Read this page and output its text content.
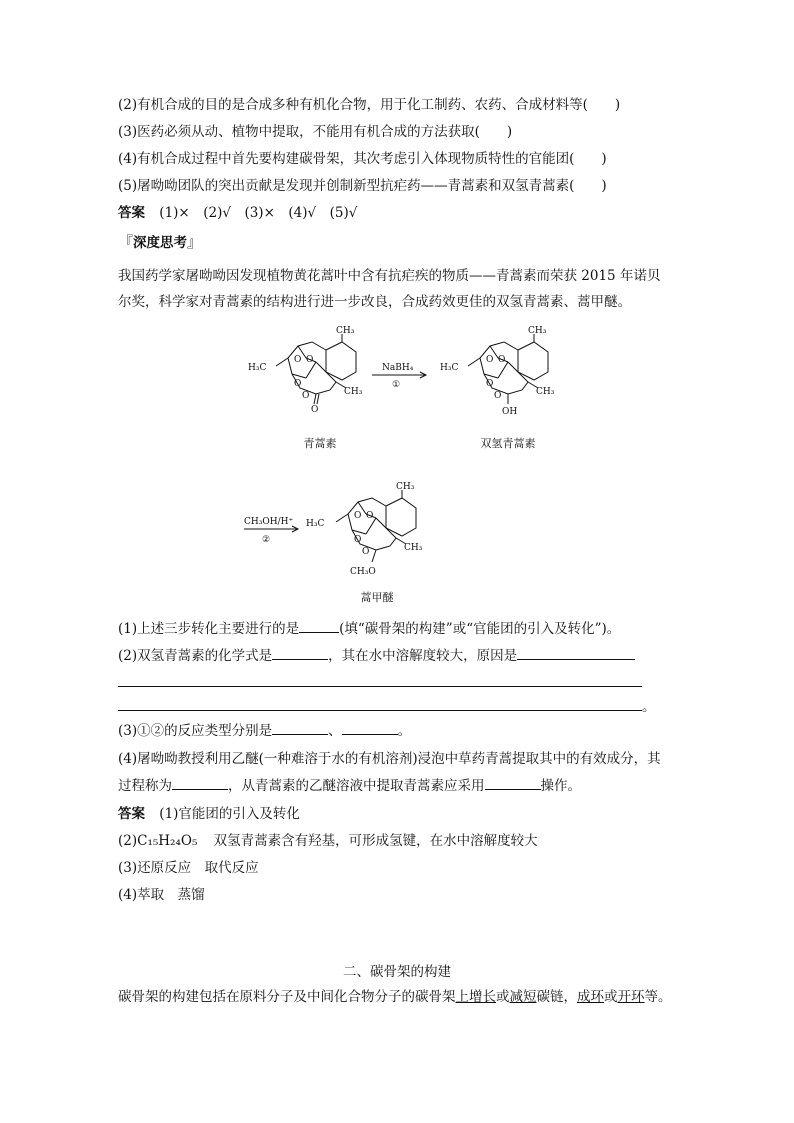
(2)有机合成的目的是合成多种有机化合物，用于化工制药、农药、合成材料等(　　)
(3)医药必须从动、植物中提取，不能用有机合成的方法获取(　　)
(4)有机合成过程中首先要构建碳骨架，其次考虑引入体现物质特性的官能团(　　)
(5)屠呦呦团队的突出贡献是发现并创制新型抗疟药——青蒿素和双氢青蒿素(　　)
答案 (1)×　(2)√　(3)×　(4)√　(5)√
『深度思考』
我国药学家屠呦呦因发现植物黄花蒿叶中含有抗疟疾的物质——青蒿素而荣获 2015 年诺贝
尔奖，科学家对青蒿素的结构进行进一步改良，合成药效更佳的双氢青蒿素、蒿甲醚。
CH₃
H₃C
O O
O
O
O
CH₃
青蒿素
NaBH₄
①
CH₃
H₃C
O O
O
O
OH
CH₃
双氢青蒿素
CH₃OH/H⁺
②
CH₃
H₃C
O O
O
O
CH₃O
CH₃
蒿甲醚
(1)上述三步转化主要进行的是	(填“碳骨架的构建”或“官能团的引入及转化”)。
(2)双氢青蒿素的化学式是	，其在水中溶解度较大，原因是
。
(3)①②的反应类型分别是	、	。
(4)屠呦呦教授利用乙醚(一种难溶于水的有机溶剂)浸泡中草药青蒿提取其中的有效成分，其
过程称为	，从青蒿素的乙醚溶液中提取青蒿素应采用	操作。
答案 (1)官能团的引入及转化
(2)C₁₅H₂₄O₅ 双氢青蒿素含有羟基，可形成氢键，在水中溶解度较大
(3)还原反应　取代反应
(4)萃取　蒸馏
二、碳骨架的构建
碳骨架的构建包括在原料分子及中间化合物分子的碳骨架上增长或减短碳链，成环或开环等。
